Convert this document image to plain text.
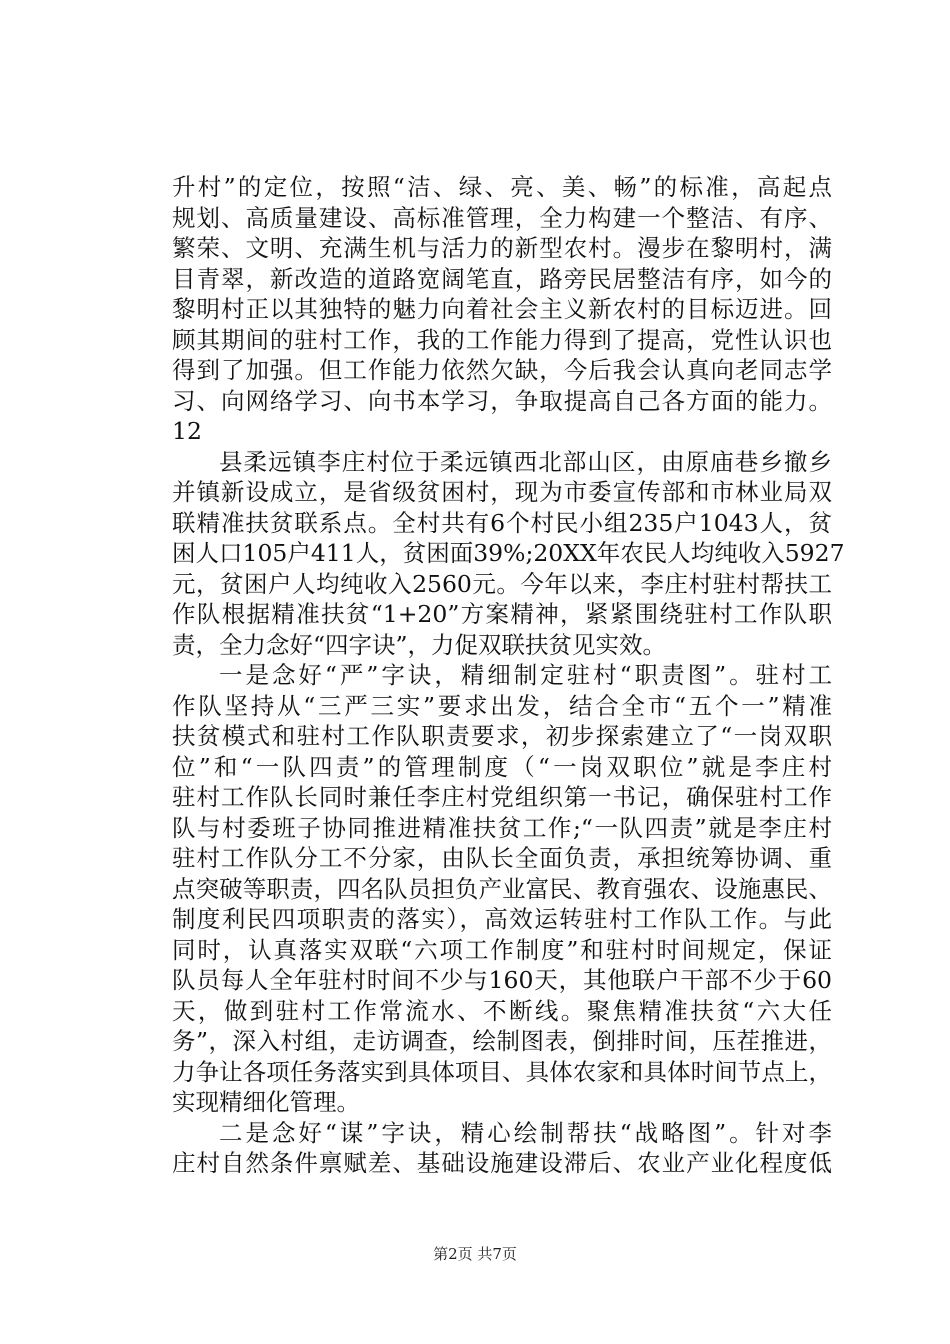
升村”的定位，按照“洁、绿、亮、美、畅”的标准，高起点
规划、高质量建设、高标准管理，全力构建一个整洁、有序、
繁荣、文明、充满生机与活力的新型农村。漫步在黎明村，满
目青翠，新改造的道路宽阔笔直，路旁民居整洁有序，如今的
黎明村正以其独特的魅力向着社会主义新农村的目标迈进。回
顾其期间的驻村工作，我的工作能力得到了提高，党性认识也
得到了加强。但工作能力依然欠缺，今后我会认真向老同志学
习、向网络学习、向书本学习，争取提高自己各方面的能力。
12
县柔远镇李庄村位于柔远镇西北部山区，由原庙巷乡撤乡
并镇新设成立，是省级贫困村，现为市委宣传部和市林业局双
联精准扶贫联系点。全村共有6个村民小组235户1043人，贫
困人口105户411人，贫困面39%;20XX年农民人均纯收入5927
元，贫困户人均纯收入2560元。今年以来，李庄村驻村帮扶工
作队根据精准扶贫“1+20”方案精神，紧紧围绕驻村工作队职
责，全力念好“四字诀”，力促双联扶贫见实效。
一是念好“严”字诀，精细制定驻村“职责图”。驻村工
作队坚持从“三严三实”要求出发，结合全市“五个一”精准
扶贫模式和驻村工作队职责要求，初步探索建立了“一岗双职
位”和“一队四责”的管理制度（“一岗双职位”就是李庄村
驻村工作队长同时兼任李庄村党组织第一书记，确保驻村工作
队与村委班子协同推进精准扶贫工作;“一队四责”就是李庄村
驻村工作队分工不分家，由队长全面负责，承担统筹协调、重
点突破等职责，四名队员担负产业富民、教育强农、设施惠民、
制度利民四项职责的落实），高效运转驻村工作队工作。与此
同时，认真落实双联“六项工作制度”和驻村时间规定，保证
队员每人全年驻村时间不少与160天，其他联户干部不少于60
天，做到驻村工作常流水、不断线。聚焦精准扶贫“六大任
务”，深入村组，走访调查，绘制图表，倒排时间，压茬推进，
力争让各项任务落实到具体项目、具体农家和具体时间节点上，
实现精细化管理。
二是念好“谋”字诀，精心绘制帮扶“战略图”。针对李
庄村自然条件禀赋差、基础设施建设滞后、农业产业化程度低
第2页 共7页
